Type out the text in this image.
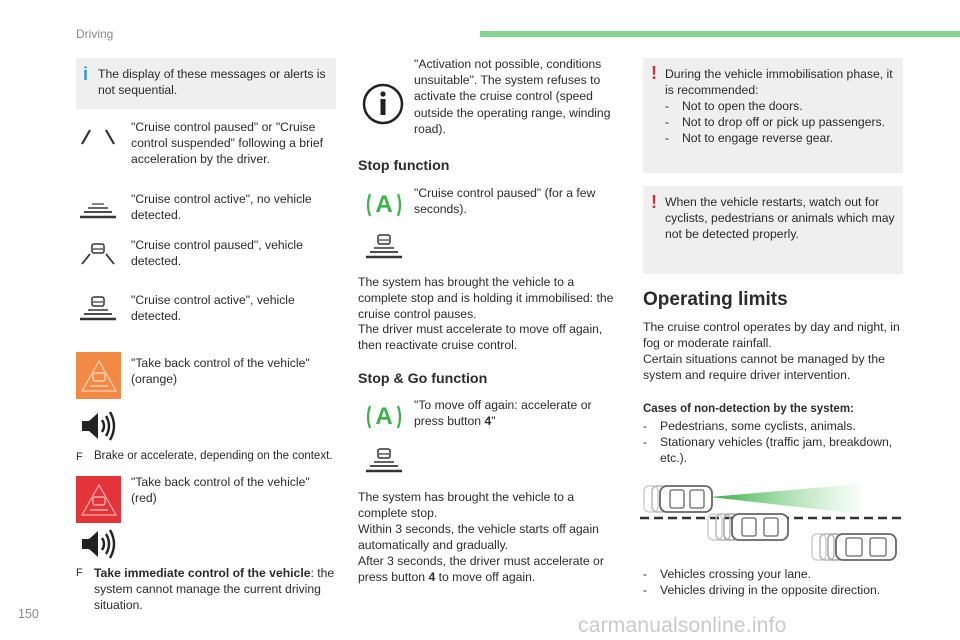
Driving
i The display of these messages or alerts is not sequential.
"Cruise control paused" or "Cruise control suspended" following a brief acceleration by the driver.
"Cruise control active", no vehicle detected.
"Cruise control paused", vehicle detected.
"Cruise control active", vehicle detected.
"Take back control of the vehicle" (orange)
F Brake or accelerate, depending on the context.
"Take back control of the vehicle" (red)
F Take immediate control of the vehicle: the system cannot manage the current driving situation.
"Activation not possible, conditions unsuitable". The system refuses to activate the cruise control (speed outside the operating range, winding road).
Stop function
A	"Cruise control paused" (for a few seconds).
The system has brought the vehicle to a complete stop and is holding it immobilised: the cruise control pauses.
The driver must accelerate to move off again, then reactivate cruise control.
Stop & Go function
A	"To move off again: accelerate or press button 4"
The system has brought the vehicle to a complete stop.
Within 3 seconds, the vehicle starts off again automatically and gradually.
After 3 seconds, the driver must accelerate or press button 4 to move off again.
! During the vehicle immobilisation phase, it is recommended:
- Not to open the doors.
- Not to drop off or pick up passengers.
- Not to engage reverse gear.
! When the vehicle restarts, watch out for cyclists, pedestrians or animals which may not be detected properly.
Operating limits
The cruise control operates by day and night, in fog or moderate rainfall.
Certain situations cannot be managed by the system and require driver intervention.
Cases of non-detection by the system:
- Pedestrians, some cyclists, animals.
- Stationary vehicles (traffic jam, breakdown, etc.).
- Vehicles crossing your lane.
- Vehicles driving in the opposite direction.
150	carmanualsonline.info
